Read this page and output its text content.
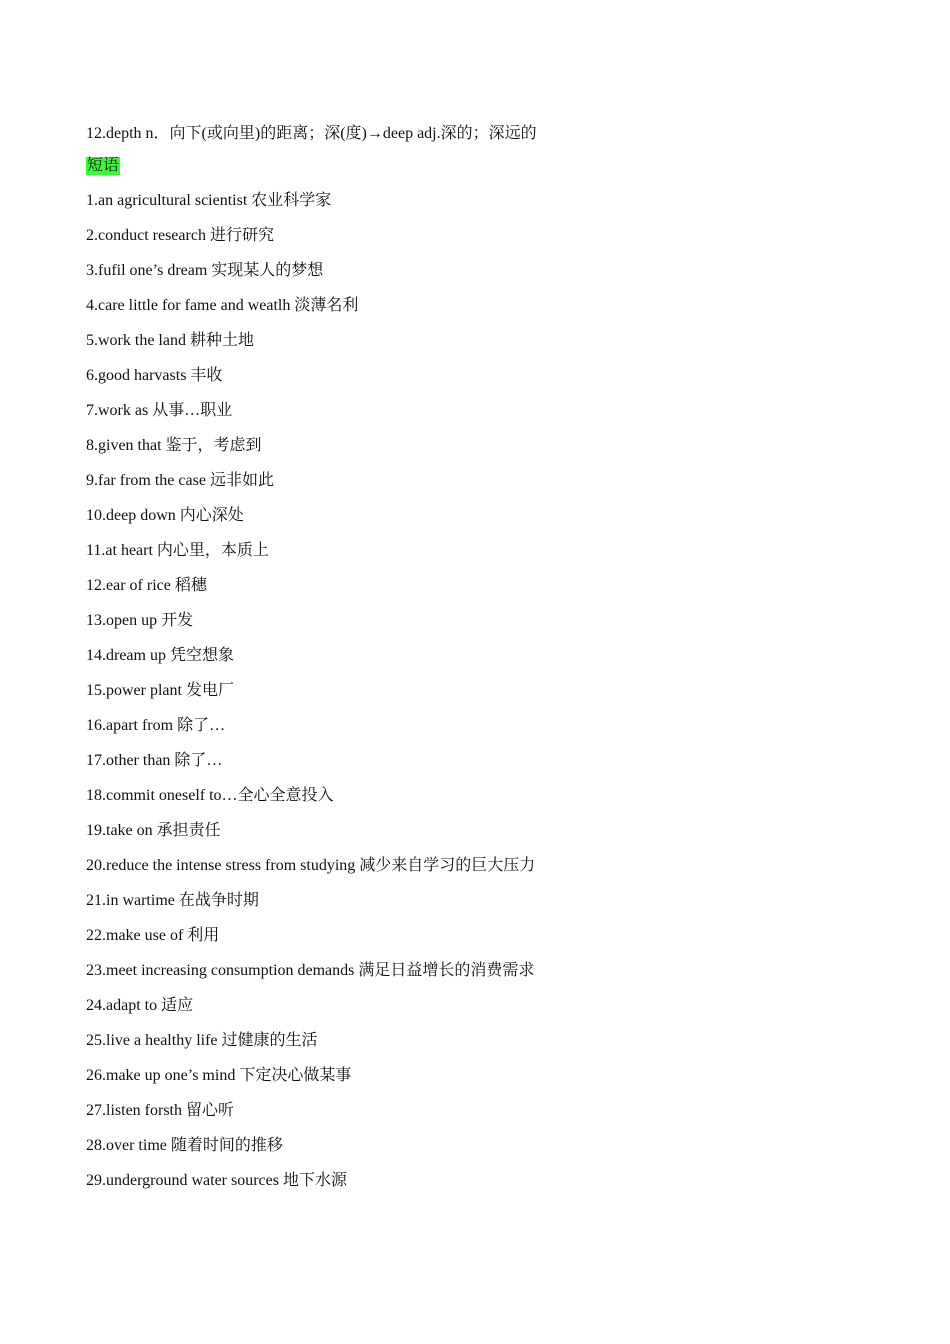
12.depth n．向下(或向里)的距离；深(度)→deep adj.深的；深远的
短语
1.an agricultural scientist 农业科学家
2.conduct research 进行研究
3.fufil one’s dream 实现某人的梦想
4.care little for fame and weatlh 淡薄名利
5.work the land 耕种土地
6.good harvasts 丰收
7.work as 从事…职业
8.given that 鉴于，考虑到
9.far from the case 远非如此
10.deep down 内心深处
11.at heart 内心里，本质上
12.ear of rice 稻穗
13.open up 开发
14.dream up 凭空想象
15.power plant 发电厂
16.apart from 除了…
17.other than 除了…
18.commit oneself to…全心全意投入
19.take on 承担责任
20.reduce the intense stress from studying 减少来自学习的巨大压力
21.in wartime 在战争时期
22.make use of 利用
23.meet increasing consumption demands 满足日益增长的消费需求
24.adapt to 适应
25.live a healthy life 过健康的生活
26.make up one’s mind 下定决心做某事
27.listen forsth 留心听
28.over time 随着时间的推移
29.underground water sources 地下水源
